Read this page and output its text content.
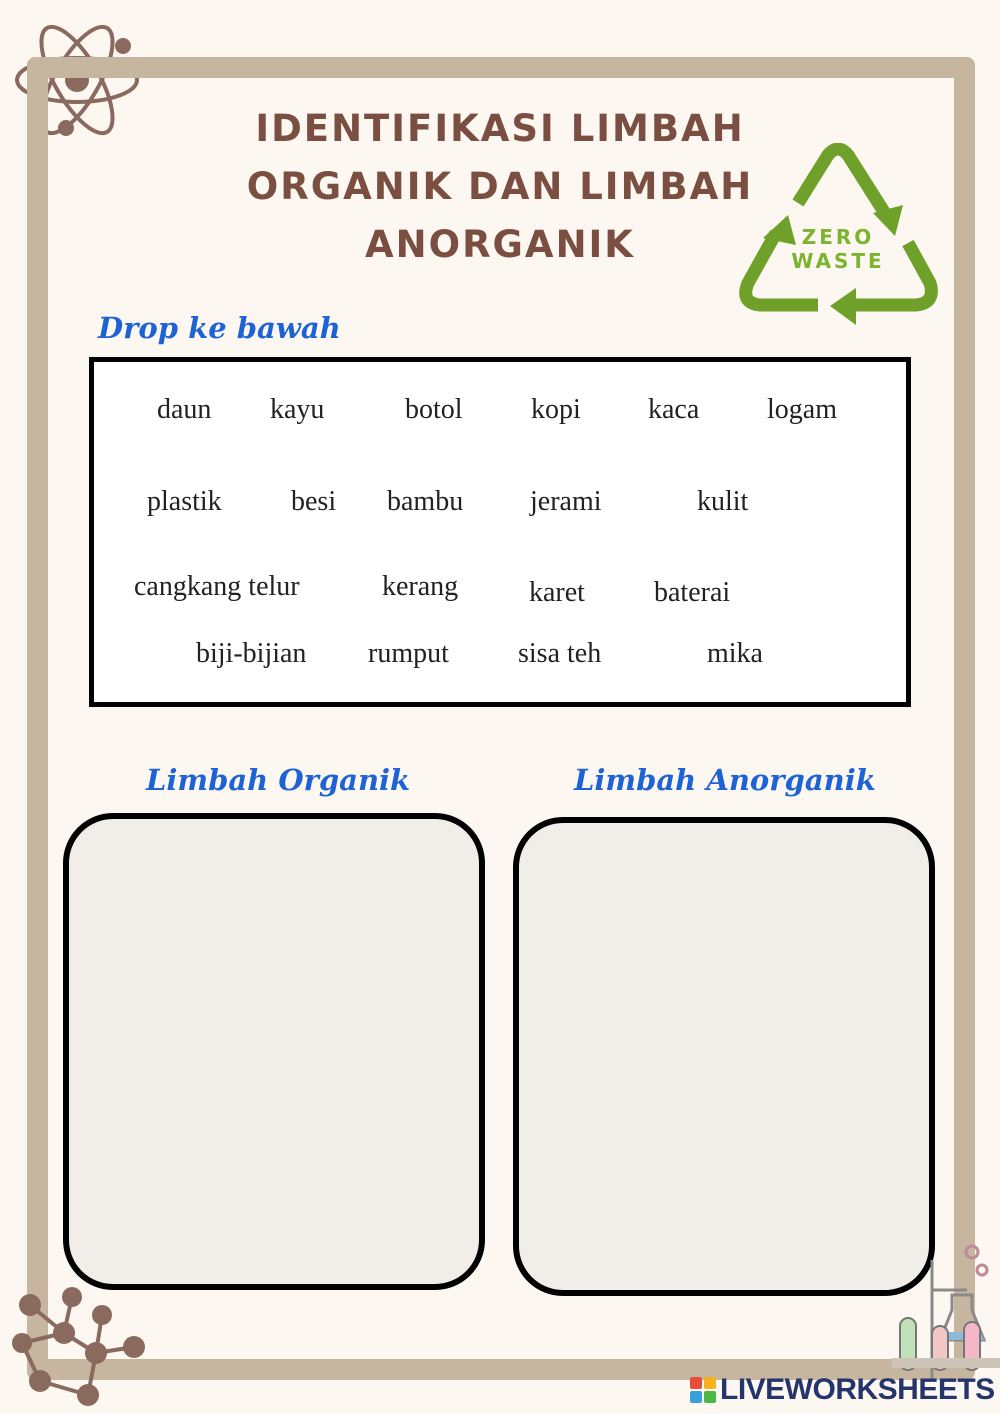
IDENTIFIKASI LIMBAH
ORGANIK DAN LIMBAH
ANORGANIK	ZERO
WASTE
Drop ke bawah
daun kayu	botol kopi kaca logam
plastik besi bambu jerami	kulit
cangkang telur	kerang	karet baterai
biji-bijian rumput sisa teh	mika
Limbah Organik	Limbah Anorganik
LIVEWORKSHEETS
